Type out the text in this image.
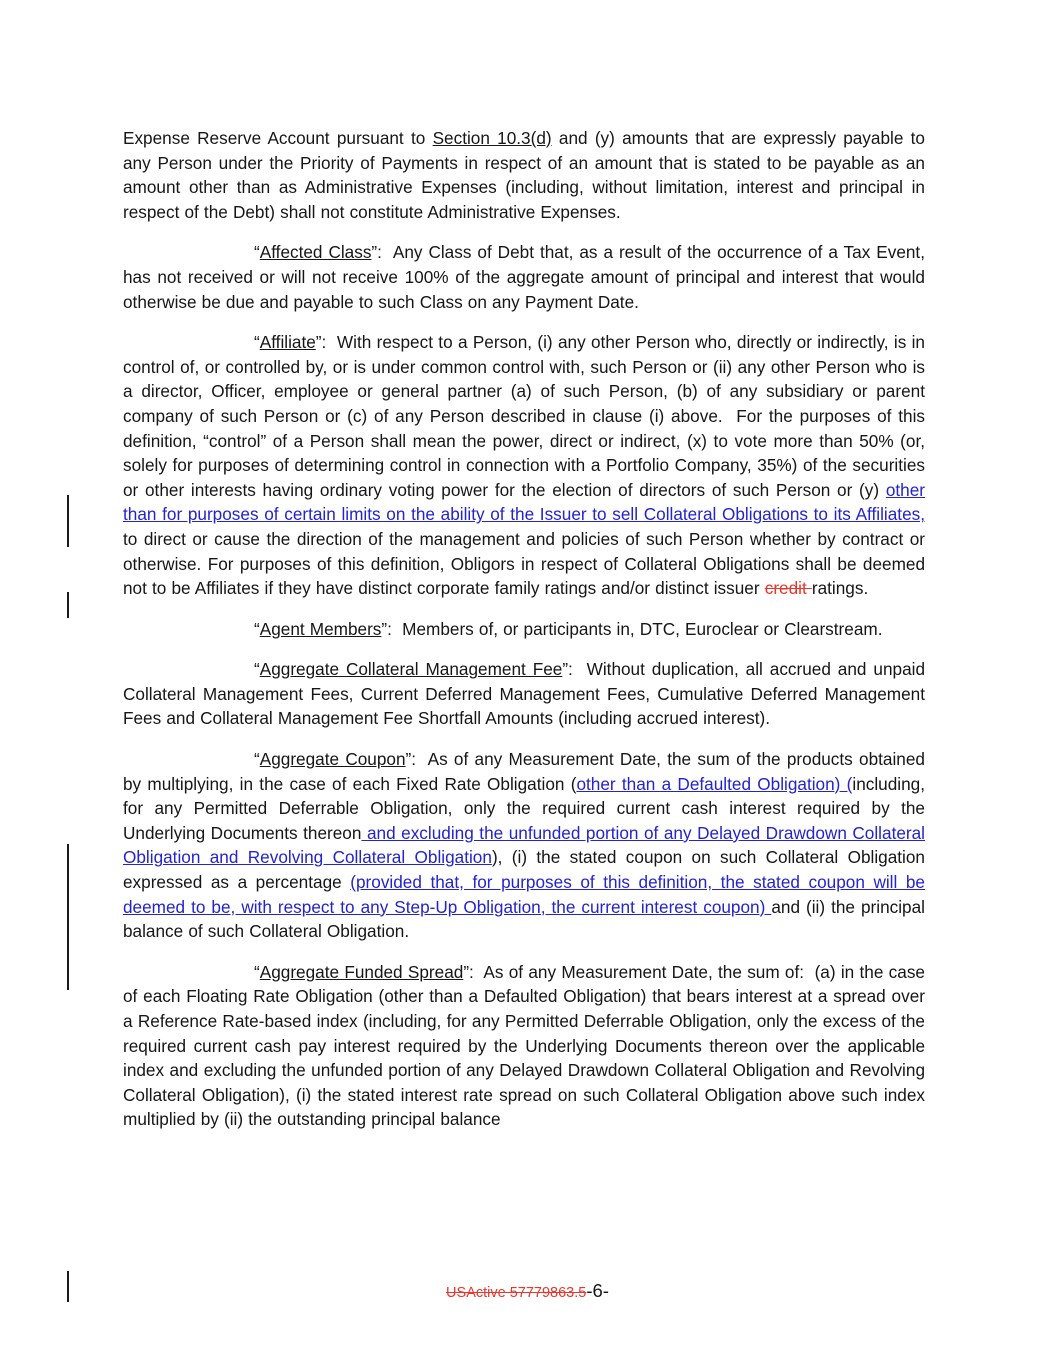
Expense Reserve Account pursuant to Section 10.3(d) and (y) amounts that are expressly payable to any Person under the Priority of Payments in respect of an amount that is stated to be payable as an amount other than as Administrative Expenses (including, without limitation, interest and principal in respect of the Debt) shall not constitute Administrative Expenses.

“Affected Class”:  Any Class of Debt that, as a result of the occurrence of a Tax Event, has not received or will not receive 100% of the aggregate amount of principal and interest that would otherwise be due and payable to such Class on any Payment Date.

“Affiliate”:  With respect to a Person, (i) any other Person who, directly or indirectly, is in control of, or controlled by, or is under common control with, such Person or (ii) any other Person who is a director, Officer, employee or general partner (a) of such Person, (b) of any subsidiary or parent company of such Person or (c) of any Person described in clause (i) above.  For the purposes of this definition, “control” of a Person shall mean the power, direct or indirect, (x) to vote more than 50% (or, solely for purposes of determining control in connection with a Portfolio Company, 35%) of the securities or other interests having ordinary voting power for the election of directors of such Person or (y) other than for purposes of certain limits on the ability of the Issuer to sell Collateral Obligations to its Affiliates, to direct or cause the direction of the management and policies of such Person whether by contract or otherwise. For purposes of this definition, Obligors in respect of Collateral Obligations shall be deemed not to be Affiliates if they have distinct corporate family ratings and/or distinct issuer credit ratings.

“Agent Members”:  Members of, or participants in, DTC, Euroclear or Clearstream.

“Aggregate Collateral Management Fee”:  Without duplication, all accrued and unpaid Collateral Management Fees, Current Deferred Management Fees, Cumulative Deferred Management Fees and Collateral Management Fee Shortfall Amounts (including accrued interest).

“Aggregate Coupon”:  As of any Measurement Date, the sum of the products obtained by multiplying, in the case of each Fixed Rate Obligation (other than a Defaulted Obligation) (including, for any Permitted Deferrable Obligation, only the required current cash interest required by the Underlying Documents thereon and excluding the unfunded portion of any Delayed Drawdown Collateral Obligation and Revolving Collateral Obligation), (i) the stated coupon on such Collateral Obligation expressed as a percentage (provided that, for purposes of this definition, the stated coupon will be deemed to be, with respect to any Step-Up Obligation, the current interest coupon) and (ii) the principal balance of such Collateral Obligation.

“Aggregate Funded Spread”:  As of any Measurement Date, the sum of:  (a) in the case of each Floating Rate Obligation (other than a Defaulted Obligation) that bears interest at a spread over a Reference Rate-based index (including, for any Permitted Deferrable Obligation, only the excess of the required current cash pay interest required by the Underlying Documents thereon over the applicable index and excluding the unfunded portion of any Delayed Drawdown Collateral Obligation and Revolving Collateral Obligation), (i) the stated interest rate spread on such Collateral Obligation above such index multiplied by (ii) the outstanding principal balance

USActive 57779863.5-6-
